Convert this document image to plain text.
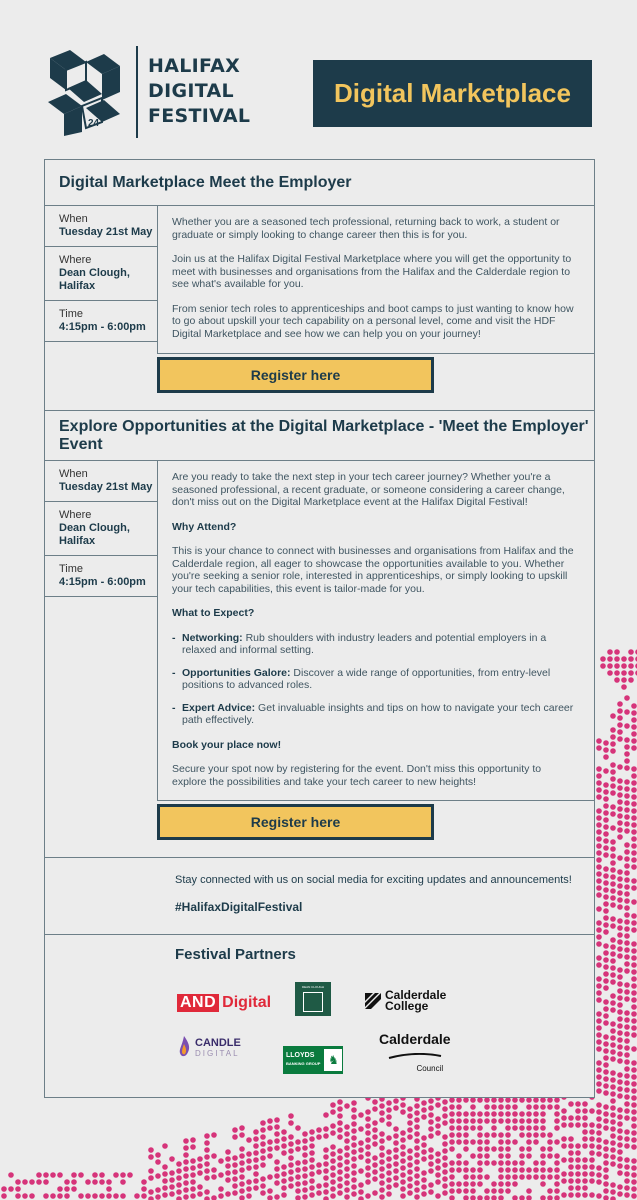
24
HALIFAX
DIGITAL
FESTIVAL
Digital Marketplace
Digital Marketplace Meet the Employer
When
Tuesday 21st May
Where
Dean Clough, Halifax
Time
4:15pm - 6:00pm

Whether you are a seasoned tech professional, returning back to work, a student or graduate or simply looking to change career then this is for you.

Join us at the Halifax Digital Festival Marketplace where you will get the opportunity to meet with businesses and organisations from the Halifax and the Calderdale region to see what's available for you.

From senior tech roles to apprenticeships and boot camps to just wanting to know how to go about upskill your tech capability on a personal level, come and visit the HDF Digital Marketplace and see how we can help you on your journey!

Register here
Explore Opportunities at the Digital Marketplace - 'Meet the Employer' Event
When
Tuesday 21st May
Where
Dean Clough, Halifax
Time
4:15pm - 6:00pm

Are you ready to take the next step in your tech career journey? Whether you're a seasoned professional, a recent graduate, or someone considering a career change, don't miss out on the Digital Marketplace event at the Halifax Digital Festival!

Why Attend?

This is your chance to connect with businesses and organisations from Halifax and the Calderdale region, all eager to showcase the opportunities available to you. Whether you're seeking a senior role, interested in apprenticeships, or simply looking to upskill your tech capabilities, this event is tailor-made for you.

What to Expect?

- Networking: Rub shoulders with industry leaders and potential employers in a relaxed and informal setting.
- Opportunities Galore: Discover a wide range of opportunities, from entry-level positions to advanced roles.
- Expert Advice: Get invaluable insights and tips on how to navigate your tech career path effectively.

Book your place now!

Secure your spot now by registering for the event. Don't miss this opportunity to explore the possibilities and take your tech career to new heights!

Register here
Stay connected with us on social media for exciting updates and announcements!
#HalifaxDigitalFestival
Festival Partners
AND Digital
DEAN CLOUGH
Calderdale
College
CANDLE
DIGITAL	LLOYDS
BANKING GROUP ♞
Calderdale
Council
